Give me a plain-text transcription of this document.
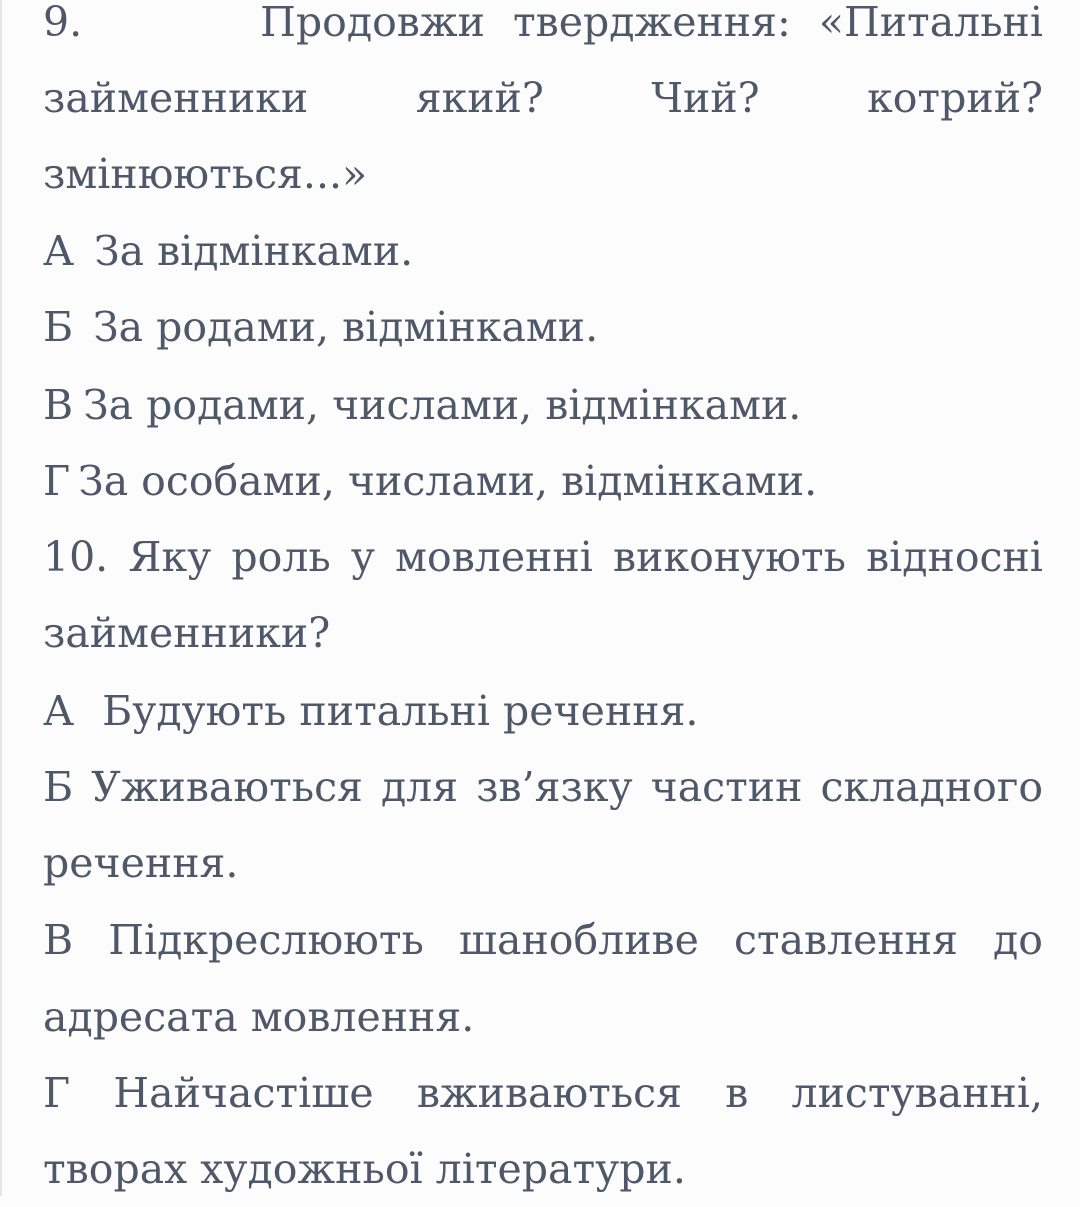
9.	Продовжи твердження: «Питальні
займенники	який?	Чий?	котрий?
змінюються...»
А За відмінками.
Б За родами, відмінками.
В За родами, числами, відмінками.
Г За особами, числами, відмінками.
10. Яку роль у мовленні виконують відносні
займенники?
А Будують питальні речення.
Б Уживаються для зв’язку частин складного
речення.
В Підкреслюють шанобливе ставлення до
адресата мовлення.
Г Найчастіше вживаються в листуванні,
творах художньої літератури.
